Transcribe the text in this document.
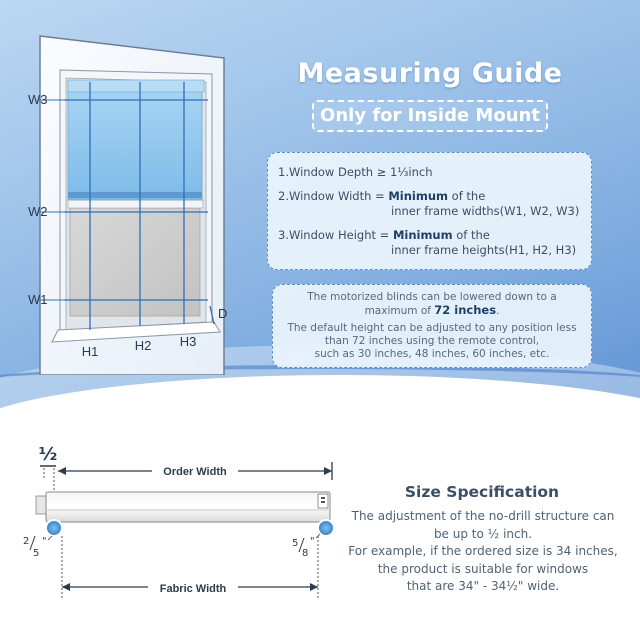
W3
W2
W1
H1	H2 H3
D
Measuring Guide
Only for Inside Mount
1.Window Depth ≥ 1⅓inch
2.Window Width = Minimum of the
inner frame widths(W1, W2, W3)
3.Window Height = Minimum of the
inner frame heights(H1, H2, H3)
The motorized blinds can be lowered down to a
maximum of 72 inches.
The default height can be adjusted to any position less
than 72 inches using the remote control,
such as 30 inches, 48 inches, 60 inches, etc.
½
Order Width
2
5
"	5
8
"
Fabric Width
Size Specification
The adjustment of the no-drill structure can
be up to ½ inch.
For example, if the ordered size is 34 inches,
the product is suitable for windows
that are 34" - 34½" wide.
